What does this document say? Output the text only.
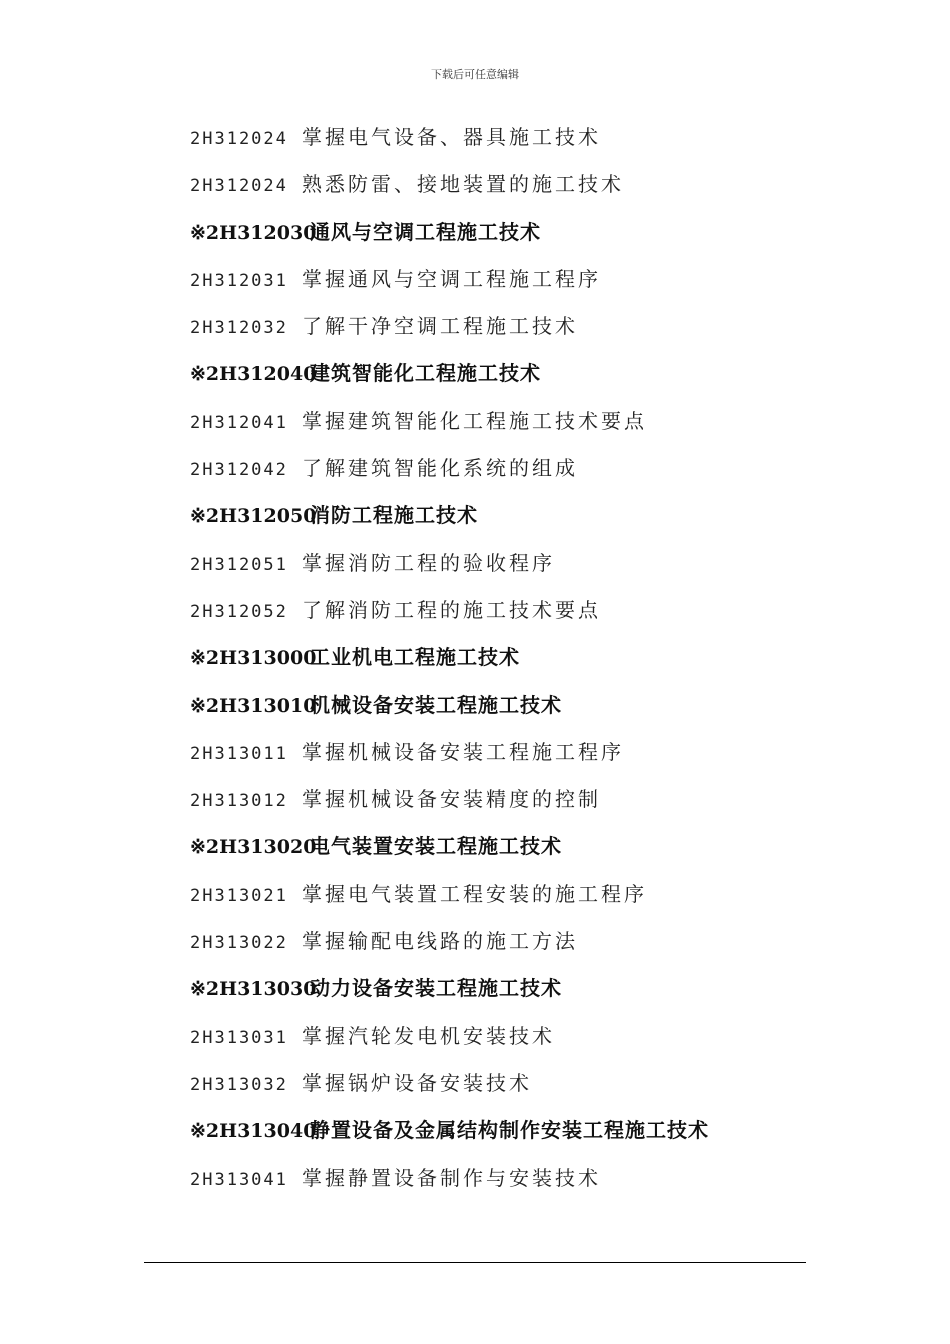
下载后可任意编辑
2H312024 掌握电气设备、器具施工技术
2H312024 熟悉防雷、接地装置的施工技术
※2H312030通风与空调工程施工技术
2H312031 掌握通风与空调工程施工程序
2H312032 了解干净空调工程施工技术
※2H312040建筑智能化工程施工技术
2H312041 掌握建筑智能化工程施工技术要点
2H312042 了解建筑智能化系统的组成
※2H312050消防工程施工技术
2H312051 掌握消防工程的验收程序
2H312052 了解消防工程的施工技术要点
※2H313000工业机电工程施工技术
※2H313010机械设备安装工程施工技术
2H313011 掌握机械设备安装工程施工程序
2H313012 掌握机械设备安装精度的控制
※2H313020电气装置安装工程施工技术
2H313021 掌握电气装置工程安装的施工程序
2H313022 掌握输配电线路的施工方法
※2H313030动力设备安装工程施工技术
2H313031 掌握汽轮发电机安装技术
2H313032 掌握锅炉设备安装技术
※2H313040静置设备及金属结构制作安装工程施工技术
2H313041 掌握静置设备制作与安装技术
